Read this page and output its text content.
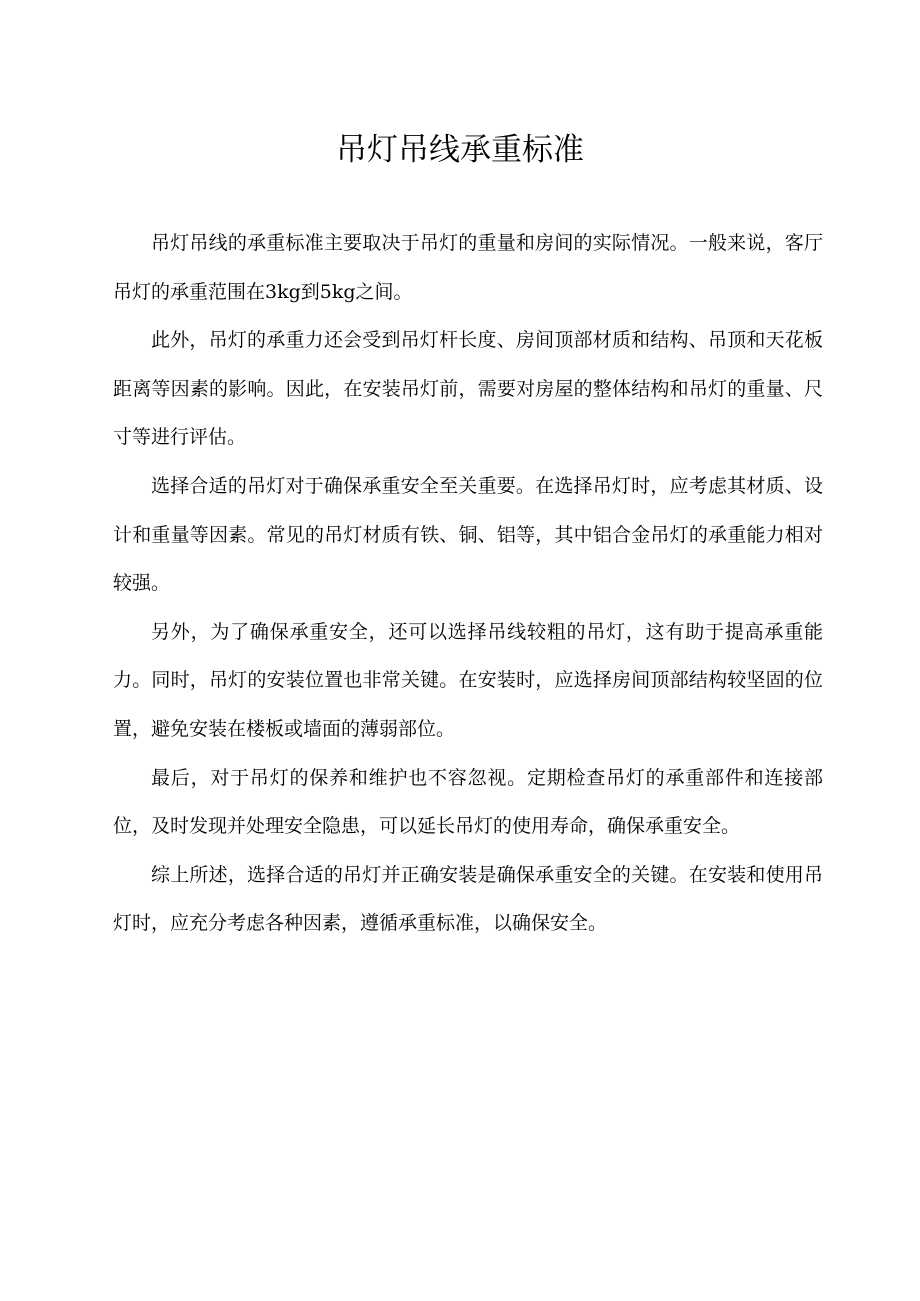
吊灯吊线承重标准

吊灯吊线的承重标准主要取决于吊灯的重量和房间的实际情况。一般来说，客厅吊灯的承重范围在3kg到5kg之间。

此外，吊灯的承重力还会受到吊灯杆长度、房间顶部材质和结构、吊顶和天花板距离等因素的影响。因此，在安装吊灯前，需要对房屋的整体结构和吊灯的重量、尺寸等进行评估。

选择合适的吊灯对于确保承重安全至关重要。在选择吊灯时，应考虑其材质、设计和重量等因素。常见的吊灯材质有铁、铜、铝等，其中铝合金吊灯的承重能力相对较强。

另外，为了确保承重安全，还可以选择吊线较粗的吊灯，这有助于提高承重能力。同时，吊灯的安装位置也非常关键。在安装时，应选择房间顶部结构较坚固的位置，避免安装在楼板或墙面的薄弱部位。

最后，对于吊灯的保养和维护也不容忽视。定期检查吊灯的承重部件和连接部位，及时发现并处理安全隐患，可以延长吊灯的使用寿命，确保承重安全。

综上所述，选择合适的吊灯并正确安装是确保承重安全的关键。在安装和使用吊灯时，应充分考虑各种因素，遵循承重标准，以确保安全。
